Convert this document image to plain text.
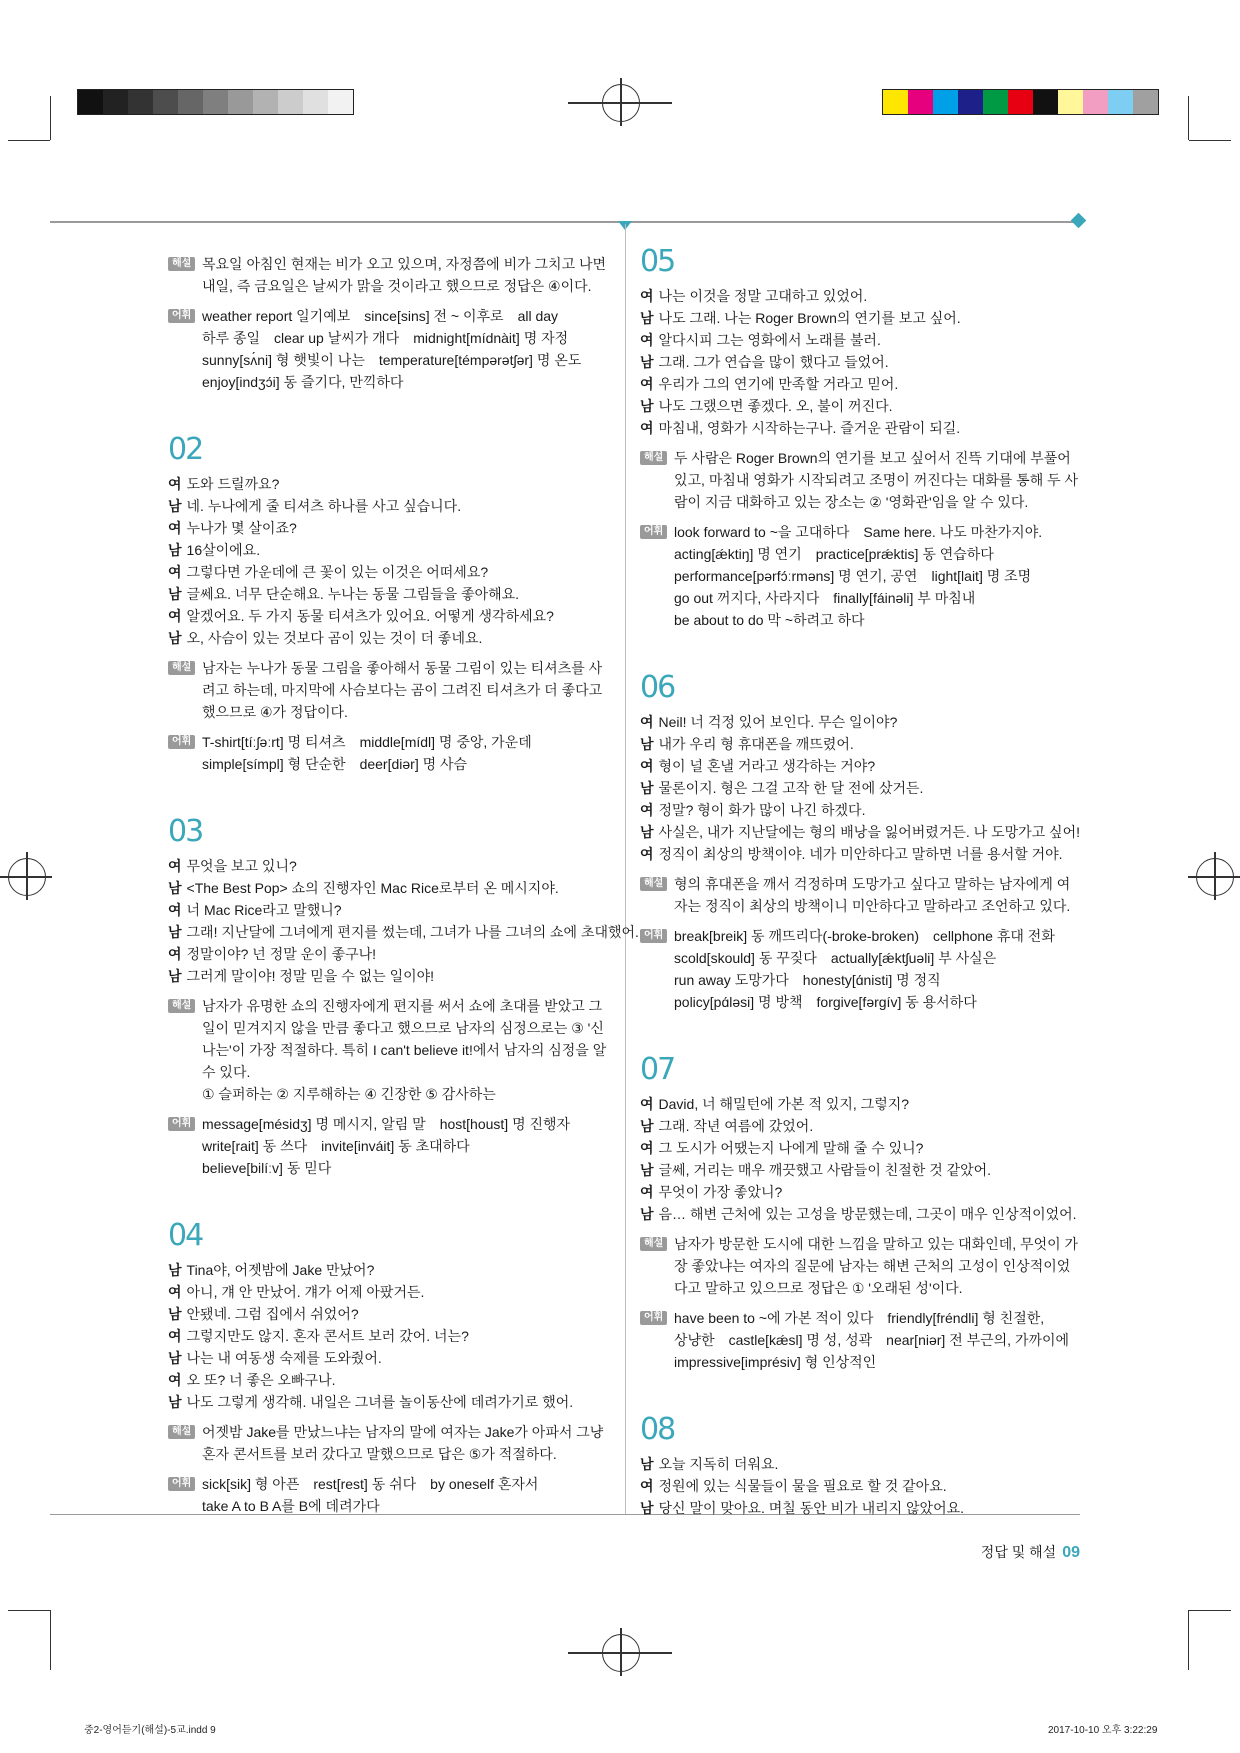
해설 목요일 아침인 현재는 비가 오고 있으며, 자정쯤에 비가 그치고 나면 내일, 즉 금요일은 날씨가 맑을 것이라고 했으므로 정답은 ④이다.
어휘 weather report 일기예보 since[sins] 전 ~ 이후로 all day
하루 종일 clear up 날씨가 개다 midnight[mídnàit] 명 자정
sunny[sʌ́ni] 형 햇빛이 나는 temperature[témpərətʃər] 명 온도
enjoy[indʒɔ́i] 동 즐기다, 만끽하다
02
여 도와 드릴까요?
남 네. 누나에게 줄 티셔츠 하나를 사고 싶습니다.
여 누나가 몇 살이죠?
남 16살이에요.
여 그렇다면 가운데에 큰 꽃이 있는 이것은 어떠세요?
남 글쎄요. 너무 단순해요. 누나는 동물 그림들을 좋아해요.
여 알겠어요. 두 가지 동물 티셔츠가 있어요. 어떻게 생각하세요?
남 오, 사슴이 있는 것보다 곰이 있는 것이 더 좋네요.
해설 남자는 누나가 동물 그림을 좋아해서 동물 그림이 있는 티셔츠를 사려고 하는데, 마지막에 사슴보다는 곰이 그려진 티셔츠가 더 좋다고 했으므로 ④가 정답이다.
어휘 T-shirt[tíːʃəːrt] 명 티셔츠 middle[mídl] 명 중앙, 가운데
simple[símpl] 형 단순한 deer[diər] 명 사슴
03
여 무엇을 보고 있니?
남 <The Best Pop> 쇼의 진행자인 Mac Rice로부터 온 메시지야.
여 너 Mac Rice라고 말했니?
남 그래! 지난달에 그녀에게 편지를 썼는데, 그녀가 나를 그녀의 쇼에 초대했어.
여 정말이야? 넌 정말 운이 좋구나!
남 그러게 말이야! 정말 믿을 수 없는 일이야!
해설 남자가 유명한 쇼의 진행자에게 편지를 써서 쇼에 초대를 받았고 그 일이 믿겨지지 않을 만큼 좋다고 했으므로 남자의 심정으로는 ③ '신나는'이 가장 적절하다. 특히 I can't believe it!에서 남자의 심정을 알 수 있다.
① 슬퍼하는 ② 지루해하는 ④ 긴장한 ⑤ 감사하는
어휘 message[mésidʒ] 명 메시지, 알림 말 host[houst] 명 진행자
write[rait] 동 쓰다 invite[inváit] 동 초대하다
believe[bilíːv] 동 믿다
04
남 Tina야, 어젯밤에 Jake 만났어?
여 아니, 걔 안 만났어. 걔가 어제 아팠거든.
남 안됐네. 그럼 집에서 쉬었어?
여 그렇지만도 않지. 혼자 콘서트 보러 갔어. 너는?
남 나는 내 여동생 숙제를 도와줬어.
여 오 또? 너 좋은 오빠구나.
남 나도 그렇게 생각해. 내일은 그녀를 놀이동산에 데려가기로 했어.
해설 어젯밤 Jake를 만났느냐는 남자의 말에 여자는 Jake가 아파서 그냥 혼자 콘서트를 보러 갔다고 말했으므로 답은 ⑤가 적절하다.
어휘 sick[sik] 형 아픈 rest[rest] 동 쉬다 by oneself 혼자서
take A to B A를 B에 데려가다
05
여 나는 이것을 정말 고대하고 있었어.
남 나도 그래. 나는 Roger Brown의 연기를 보고 싶어.
여 알다시피 그는 영화에서 노래를 불러.
남 그래. 그가 연습을 많이 했다고 들었어.
여 우리가 그의 연기에 만족할 거라고 믿어.
남 나도 그랬으면 좋겠다. 오, 불이 꺼진다.
여 마침내, 영화가 시작하는구나. 즐거운 관람이 되길.
해설 두 사람은 Roger Brown의 연기를 보고 싶어서 진뜩 기대에 부풀어 있고, 마침내 영화가 시작되려고 조명이 꺼진다는 대화를 통해 두 사람이 지금 대화하고 있는 장소는 ② '영화관'임을 알 수 있다.
어휘 look forward to ~을 고대하다 Same here. 나도 마찬가지야.
acting[ǽktiŋ] 명 연기 practice[prǽktis] 동 연습하다
performance[pərfɔ́ːrməns] 명 연기, 공연 light[lait] 명 조명
go out 꺼지다, 사라지다 finally[fáinəli] 부 마침내
be about to do 막 ~하려고 하다
06
여 Neil! 너 걱정 있어 보인다. 무슨 일이야?
남 내가 우리 형 휴대폰을 깨뜨렸어.
여 형이 널 혼낼 거라고 생각하는 거야?
남 물론이지. 형은 그걸 고작 한 달 전에 샀거든.
여 정말? 형이 화가 많이 나긴 하겠다.
남 사실은, 내가 지난달에는 형의 배낭을 잃어버렸거든. 나 도망가고 싶어!
여 정직이 최상의 방책이야. 네가 미안하다고 말하면 너를 용서할 거야.
해설 형의 휴대폰을 깨서 걱정하며 도망가고 싶다고 말하는 남자에게 여자는 정직이 최상의 방책이니 미안하다고 말하라고 조언하고 있다.
어휘 break[breik] 동 깨뜨리다(-broke-broken) cellphone 휴대 전화
scold[skould] 동 꾸짖다 actually[ǽktʃuəli] 부 사실은
run away 도망가다 honesty[ɑ́nisti] 명 정직
policy[pɑ́ləsi] 명 방책 forgive[fərgív] 동 용서하다
07
여 David, 너 해밀턴에 가본 적 있지, 그렇지?
남 그래. 작년 여름에 갔었어.
여 그 도시가 어땠는지 나에게 말해 줄 수 있니?
남 글쎄, 거리는 매우 깨끗했고 사람들이 친절한 것 같았어.
여 무엇이 가장 좋았니?
남 음… 해변 근처에 있는 고성을 방문했는데, 그곳이 매우 인상적이었어.
해설 남자가 방문한 도시에 대한 느낌을 말하고 있는 대화인데, 무엇이 가장 좋았냐는 여자의 질문에 남자는 해변 근처의 고성이 인상적이었다고 말하고 있으므로 정답은 ① '오래된 성'이다.
어휘 have been to ~에 가본 적이 있다 friendly[fréndli] 형 친절한,
상냥한 castle[kǽsl] 명 성, 성곽 near[niər] 전 부근의, 가까이에
impressive[imprésiv] 형 인상적인
08
남 오늘 지독히 더워요.
여 정원에 있는 식물들이 물을 필요로 할 것 같아요.
남 당신 말이 맞아요. 며칠 동안 비가 내리지 않았어요.
정답 및 해설 09
중2-영어듣기(해설)-5교.indd 9	2017-10-10 오후 3:22:29
